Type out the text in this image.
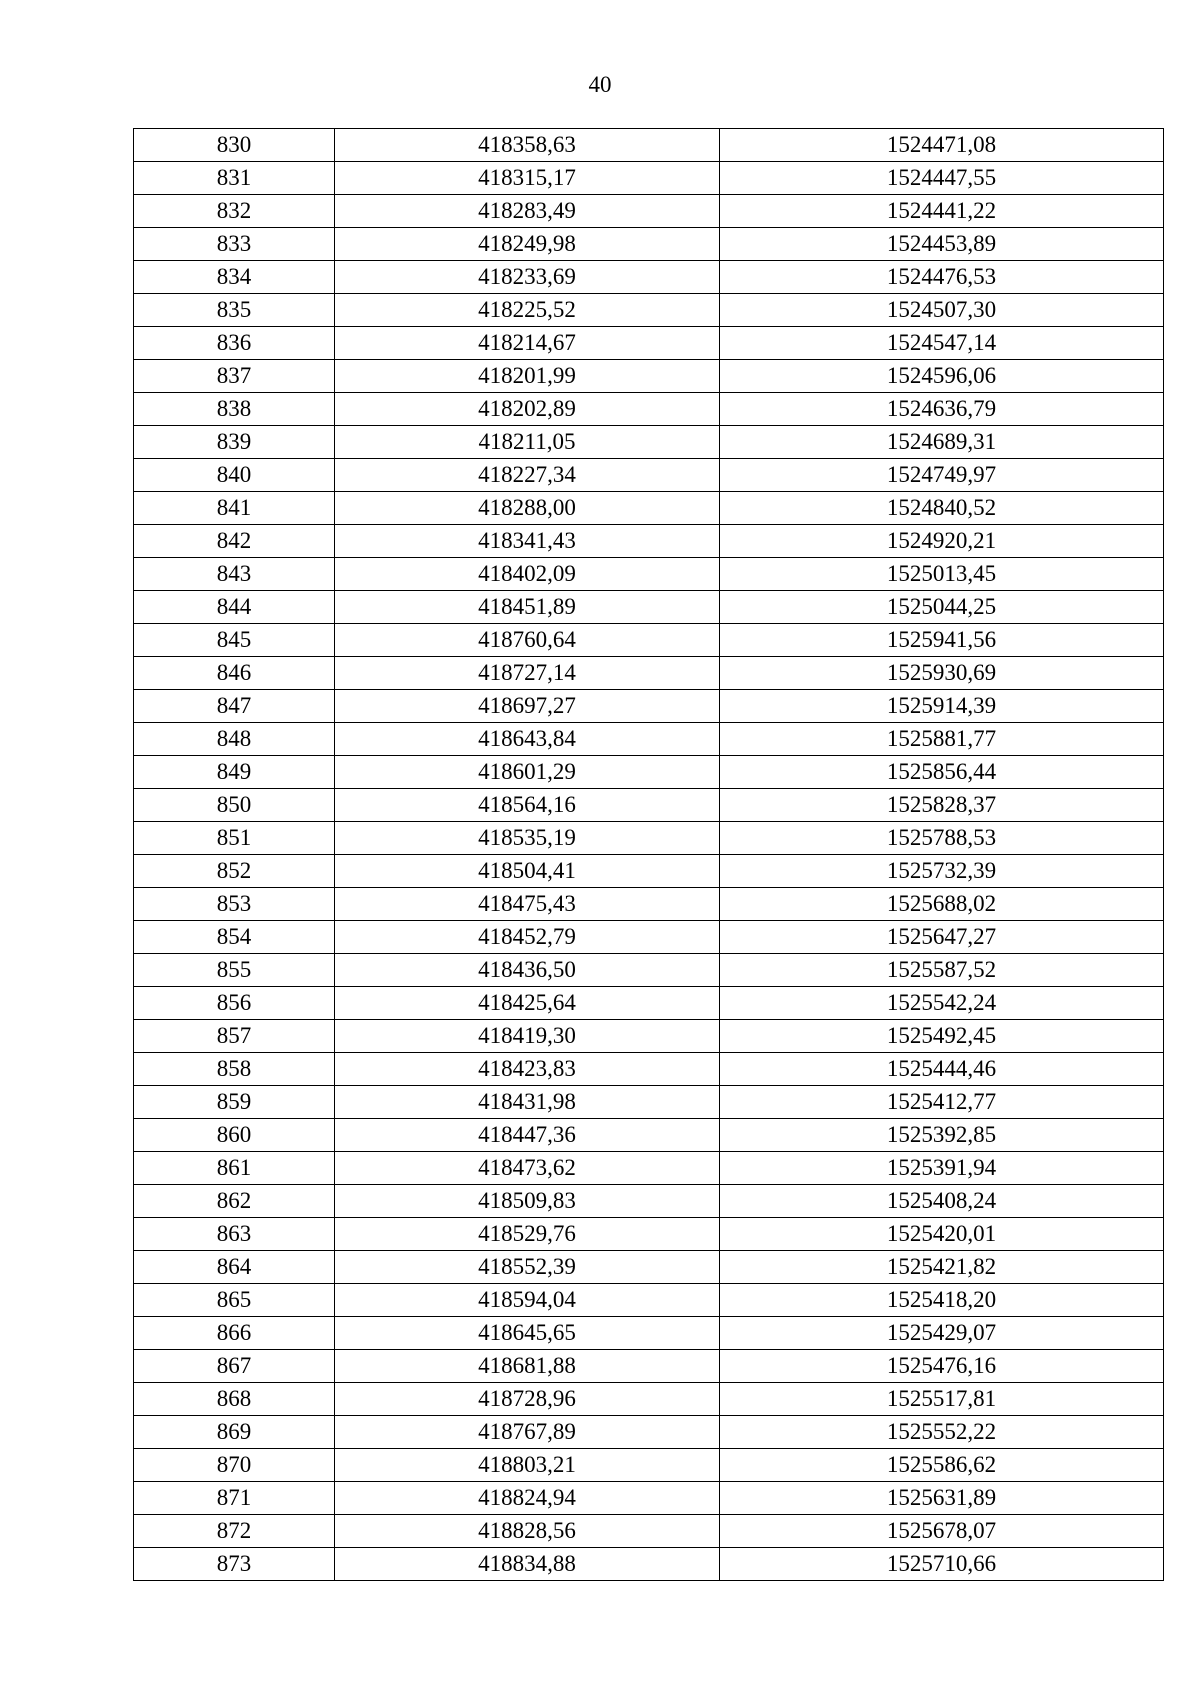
40
830	418358,63	1524471,08
831	418315,17	1524447,55
832	418283,49	1524441,22
833	418249,98	1524453,89
834	418233,69	1524476,53
835	418225,52	1524507,30
836	418214,67	1524547,14
837	418201,99	1524596,06
838	418202,89	1524636,79
839	418211,05	1524689,31
840	418227,34	1524749,97
841	418288,00	1524840,52
842	418341,43	1524920,21
843	418402,09	1525013,45
844	418451,89	1525044,25
845	418760,64	1525941,56
846	418727,14	1525930,69
847	418697,27	1525914,39
848	418643,84	1525881,77
849	418601,29	1525856,44
850	418564,16	1525828,37
851	418535,19	1525788,53
852	418504,41	1525732,39
853	418475,43	1525688,02
854	418452,79	1525647,27
855	418436,50	1525587,52
856	418425,64	1525542,24
857	418419,30	1525492,45
858	418423,83	1525444,46
859	418431,98	1525412,77
860	418447,36	1525392,85
861	418473,62	1525391,94
862	418509,83	1525408,24
863	418529,76	1525420,01
864	418552,39	1525421,82
865	418594,04	1525418,20
866	418645,65	1525429,07
867	418681,88	1525476,16
868	418728,96	1525517,81
869	418767,89	1525552,22
870	418803,21	1525586,62
871	418824,94	1525631,89
872	418828,56	1525678,07
873	418834,88	1525710,66
